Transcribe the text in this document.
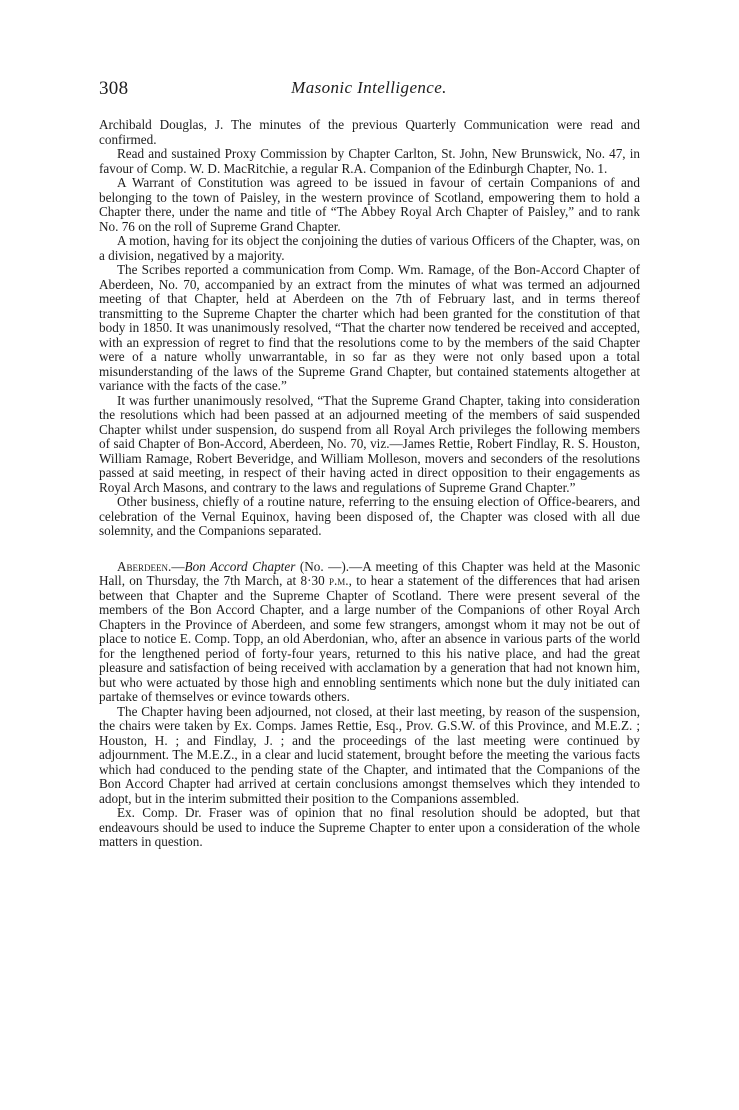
308	Masonic Intelligence.

Archibald Douglas, J. The minutes of the previous Quarterly Communication were read and confirmed.

Read and sustained Proxy Commission by Chapter Carlton, St. John, New Brunswick, No. 47, in favour of Comp. W. D. MacRitchie, a regular R.A. Companion of the Edinburgh Chapter, No. 1.

A Warrant of Constitution was agreed to be issued in favour of certain Companions of and belonging to the town of Paisley, in the western province of Scotland, empowering them to hold a Chapter there, under the name and title of “The Abbey Royal Arch Chapter of Paisley,” and to rank No. 76 on the roll of Supreme Grand Chapter.

A motion, having for its object the conjoining the duties of various Officers of the Chapter, was, on a division, negatived by a majority.

The Scribes reported a communication from Comp. Wm. Ramage, of the Bon-Accord Chapter of Aberdeen, No. 70, accompanied by an extract from the minutes of what was termed an adjourned meeting of that Chapter, held at Aberdeen on the 7th of February last, and in terms thereof transmitting to the Supreme Chapter the charter which had been granted for the constitution of that body in 1850. It was unanimously resolved, “That the charter now tendered be received and accepted, with an expression of regret to find that the resolutions come to by the members of the said Chapter were of a nature wholly unwarrantable, in so far as they were not only based upon a total misunderstanding of the laws of the Supreme Grand Chapter, but contained statements altogether at variance with the facts of the case.”

It was further unanimously resolved, “That the Supreme Grand Chapter, taking into consideration the resolutions which had been passed at an adjourned meeting of the members of said suspended Chapter whilst under suspension, do suspend from all Royal Arch privileges the following members of said Chapter of Bon-Accord, Aberdeen, No. 70, viz.—James Rettie, Robert Findlay, R. S. Houston, William Ramage, Robert Beveridge, and William Molleson, movers and seconders of the resolutions passed at said meeting, in respect of their having acted in direct opposition to their engagements as Royal Arch Masons, and contrary to the laws and regulations of Supreme Grand Chapter.”

Other business, chiefly of a routine nature, referring to the ensuing election of Office-bearers, and celebration of the Vernal Equinox, having been disposed of, the Chapter was closed with all due solemnity, and the Companions separated.

Aberdeen.—Bon Accord Chapter (No. —).—A meeting of this Chapter was held at the Masonic Hall, on Thursday, the 7th March, at 8·30 p.m., to hear a statement of the differences that had arisen between that Chapter and the Supreme Chapter of Scotland. There were present several of the members of the Bon Accord Chapter, and a large number of the Companions of other Royal Arch Chapters in the Province of Aberdeen, and some few strangers, amongst whom it may not be out of place to notice E. Comp. Topp, an old Aberdonian, who, after an absence in various parts of the world for the lengthened period of forty-four years, returned to this his native place, and had the great pleasure and satisfaction of being received with acclamation by a generation that had not known him, but who were actuated by those high and ennobling sentiments which none but the duly initiated can partake of themselves or evince towards others.

The Chapter having been adjourned, not closed, at their last meeting, by reason of the suspension, the chairs were taken by Ex. Comps. James Rettie, Esq., Prov. G.S.W. of this Province, and M.E.Z. ; Houston, H. ; and Findlay, J. ; and the proceedings of the last meeting were continued by adjournment. The M.E.Z., in a clear and lucid statement, brought before the meeting the various facts which had conduced to the pending state of the Chapter, and intimated that the Companions of the Bon Accord Chapter had arrived at certain conclusions amongst themselves which they intended to adopt, but in the interim submitted their position to the Companions assembled.

Ex. Comp. Dr. Fraser was of opinion that no final resolution should be adopted, but that endeavours should be used to induce the Supreme Chapter to enter upon a consideration of the whole matters in question.
